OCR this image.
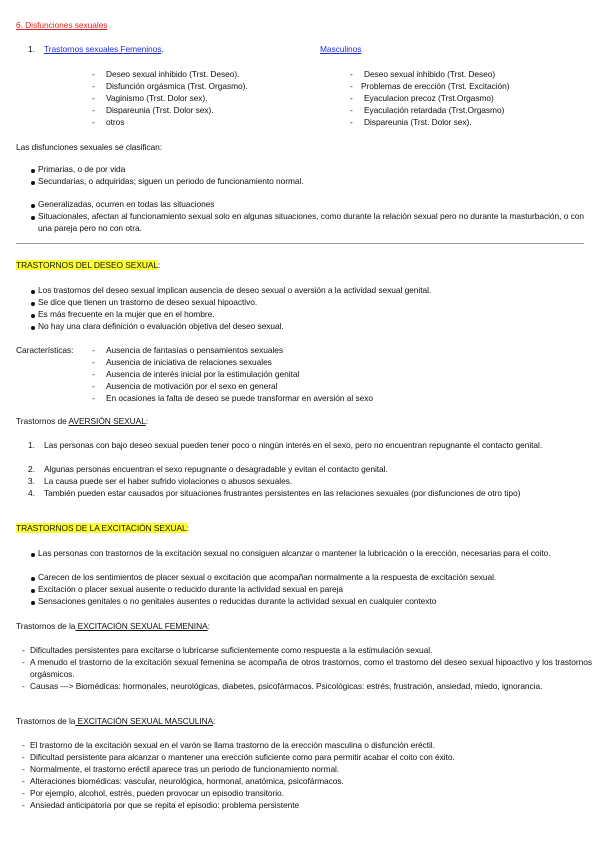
6. Disfunciones sexuales
1. Trastornos sexuales Femeninos.	Masculinos
- Deseo sexual inhibido (Trst. Deseo).
- Disfunción orgásmica (Trst. Orgasmo).
- Vaginismo (Trst. Dolor sex).
- Dispareunia (Trst. Dolor sex).
- otros
- Deseo sexual inhibido (Trst. Deseo)
- Problemas de erección (Trst. Excitación)
- Eyaculacion precoz (Trst.Orgasmo)
- Eyaculación retardada (Trst.Orgasmo)
- Dispareunia (Trst. Dolor sex).
Las disfunciones sexuales se clasifican:
Primarias, o de por vida
Secundarias, o adquiridas; siguen un periodo de funcionamiento normal.
Generalizadas, ocurren en todas las situaciones
Situacionales, afectan al funcionamiento sexual solo en algunas situaciones, como durante la relación sexual pero no durante la masturbación, o con una pareja pero no con otra.
TRASTORNOS DEL DESEO SEXUAL:
Los trastornos del deseo sexual implican ausencia de deseo sexual o aversión a la actividad sexual genital.
Se dice que tienen un trastorno de deseo sexual hipoactivo.
Es más frecuente en la mujer que en el hombre.
No hay una clara definición o evaluación objetiva del deseo sexual.
Características: - Ausencia de fantasías o pensamientos sexuales
- Ausencia de iniciativa de relaciones sexuales
- Ausencia de interés inicial por la estimulación genital
- Ausencia de motivación por el sexo en general
- En ocasiones la falta de deseo se puede transformar en aversión al sexo
Trastornos de AVERSIÓN SEXUAL:
1. Las personas con bajo deseo sexual pueden tener poco o ningún interés en el sexo, pero no encuentran repugnante el contacto genital.
2. Algunas personas encuentran el sexo repugnante o desagradable y evitan el contacto genital.
3. La causa puede ser el haber sufrido violaciones o abusos sexuales.
4. También pueden estar causados por situaciones frustrantes persistentes en las relaciones sexuales (por disfunciones de otro tipo)
TRASTORNOS DE LA EXCITACIÓN SEXUAL:
Las personas con trastornos de la excitación sexual no consiguen alcanzar o mantener la lubricación o la erección, necesarias para el coito.
Carecen de los sentimientos de placer sexual o excitación que acompañan normalmente a la respuesta de excitación sexual.
Excitación o placer sexual ausente o reducido durante la actividad sexual en pareja
Sensaciones genitales o no genitales ausentes o reducidas durante la actividad sexual en cualquier contexto
Trastornos de la EXCITACIÓN SEXUAL FEMENINA:
- Dificultades persistentes para excitarse o lubricarse suficientemente como respuesta a la estimulación sexual.
- A menudo el trastorno de la excitación sexual femenina se acompaña de otros trastornos, como el trastorno del deseo sexual hipoactivo y los trastornos orgásmicos.
- Causas ---> Biomédicas: hormonales, neurológicas, diabetes, psicofármacos. Psicológicas: estrés, frustración, ansiedad, miedo, ignorancia.
Trastornos de la EXCITACIÓN SEXUAL MASCULINA:
- El trastorno de la excitación sexual en el varón se llama trastorno de la erección masculina o disfunción eréctil.
- Dificultad persistente para alcanzar o mantener una erección suficiente como para permitir acabar el coito con éxito.
- Normalmente, el trastorno eréctil aparece tras un periodo de funcionamiento normal.
- Alteraciones biomédicas: vascular, neurológica, hormonal, anatómica, psicofármacos.
- Por ejemplo, alcohol, estrés, pueden provocar un episodio transitorio.
- Ansiedad anticipatoria por que se repita el episodio: problema persistente
